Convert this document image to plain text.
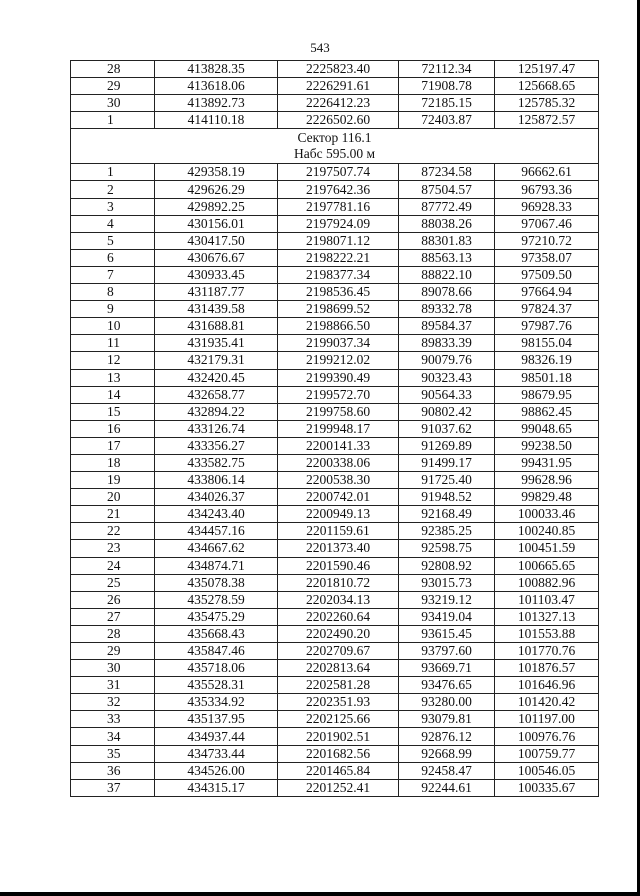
543
28	413828.35	2225823.40	72112.34	125197.47
29	413618.06	2226291.61	71908.78	125668.65
30	413892.73	2226412.23	72185.15	125785.32
1	414110.18	2226502.60	72403.87	125872.57

Сектор 116.1
Набс 595.00 м				

1	429358.19	2197507.74	87234.58	96662.61
2	429626.29	2197642.36	87504.57	96793.36
3	429892.25	2197781.16	87772.49	96928.33
4	430156.01	2197924.09	88038.26	97067.46
5	430417.50	2198071.12	88301.83	97210.72
6	430676.67	2198222.21	88563.13	97358.07
7	430933.45	2198377.34	88822.10	97509.50
8	431187.77	2198536.45	89078.66	97664.94
9	431439.58	2198699.52	89332.78	97824.37
10	431688.81	2198866.50	89584.37	97987.76
11	431935.41	2199037.34	89833.39	98155.04
12	432179.31	2199212.02	90079.76	98326.19
13	432420.45	2199390.49	90323.43	98501.18
14	432658.77	2199572.70	90564.33	98679.95
15	432894.22	2199758.60	90802.42	98862.45
16	433126.74	2199948.17	91037.62	99048.65
17	433356.27	2200141.33	91269.89	99238.50
18	433582.75	2200338.06	91499.17	99431.95
19	433806.14	2200538.30	91725.40	99628.96
20	434026.37	2200742.01	91948.52	99829.48
21	434243.40	2200949.13	92168.49	100033.46
22	434457.16	2201159.61	92385.25	100240.85
23	434667.62	2201373.40	92598.75	100451.59
24	434874.71	2201590.46	92808.92	100665.65
25	435078.38	2201810.72	93015.73	100882.96
26	435278.59	2202034.13	93219.12	101103.47
27	435475.29	2202260.64	93419.04	101327.13
28	435668.43	2202490.20	93615.45	101553.88
29	435847.46	2202709.67	93797.60	101770.76
30	435718.06	2202813.64	93669.71	101876.57
31	435528.31	2202581.28	93476.65	101646.96
32	435334.92	2202351.93	93280.00	101420.42
33	435137.95	2202125.66	93079.81	101197.00
34	434937.44	2201902.51	92876.12	100976.76
35	434733.44	2201682.56	92668.99	100759.77
36	434526.00	2201465.84	92458.47	100546.05
37	434315.17	2201252.41	92244.61	100335.67
